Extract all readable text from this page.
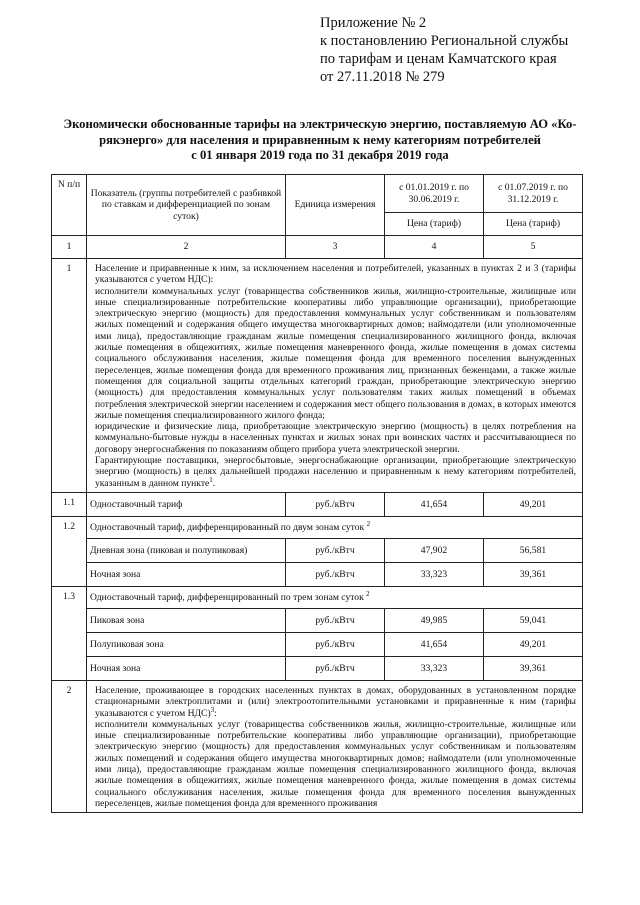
Приложение № 2
к постановлению Региональной службы
по тарифам и ценам Камчатского края
от 27.11.2018 № 279
Экономически обоснованные тарифы на электрическую энергию, поставляемую АО «Ко-
рякэнерго» для населения и приравненным к нему категориям потребителей
с 01 января 2019 года по 31 декабря 2019 года
N п/п	Показатель (группы потребителей с разбивкой по ставкам и дифференциацией по зонам суток)	Единица измерения	с 01.01.2019 г. по 30.06.2019 г.	с 01.07.2019 г. по 31.12.2019 г.
			Цена (тариф)	Цена (тариф)
1	2	3	4	5
1	Население и приравненные к ним, за исключением населения и потребителей, указанных в пунктах 2 и 3 (тарифы указываются с учетом НДС):

исполнители коммунальных услуг (товарищества собственников жилья, жилищно-строительные, жилищные или иные специализированные потребительские кооперативы либо управляющие организации), приобретающие электрическую энергию (мощность) для предоставления коммунальных услуг собственникам и пользователям жилых помещений и содержания общего имущества многоквартирных домов; наймодатели (или уполномоченные ими лица), предоставляющие гражданам жилые помещения специализированного жилищного фонда, включая жилые помещения в общежитиях, жилые помещения маневренного фонда, жилые помещения в домах системы социального обслуживания населения, жилые помещения фонда для временного поселения вынужденных переселенцев, жилые помещения фонда для временного проживания лиц, признанных беженцами, а также жилые помещения для социальной защиты отдельных категорий граждан, приобретающие электрическую энергию (мощность) для предоставления коммунальных услуг пользователям таких жилых помещений в объемах потребления электрической энергии населением и содержания мест общего пользования в домах, в которых имеются жилые помещения специализированного жилого фонда;

юридические и физические лица, приобретающие электрическую энергию (мощность) в целях потребления на коммунально-бытовые нужды в населенных пунктах и жилых зонах при воинских частях и рассчитывающиеся по договору энергоснабжения по показаниям общего прибора учета электрической энергии.

Гарантирующие поставщики, энергосбытовые, энергоснабжающие организации, приобретающие электрическую энергию (мощность) в целях дальнейшей продажи населению и приравненным к нему категориям потребителей, указанным в данном пункте$^1$.			

1.1	Одноставочный тариф	руб./кВтч	41,654	49,201
1.2	Одноставочный тариф, дифференцированный по двум зонам суток $^2$
	Дневная зона (пиковая и полупиковая)	руб./кВтч	47,902	56,581
	Ночная зона	руб./кВтч	33,323	39,361
1.3	Одноставочный тариф, дифференцированный по трем зонам суток $^2$
	Пиковая зона	руб./кВтч	49,985	59,041
	Полупиковая зона	руб./кВтч	41,654	49,201
	Ночная зона	руб./кВтч	33,323	39,361
2	Население, проживающее в городских населенных пунктах в домах, оборудованных в установленном порядке стационарными электроплитами и (или) электроотопительными установками и приравненные к ним (тарифы указываются с учетом НДС)$^3$:

исполнители коммунальных услуг (товарищества собственников жилья, жилищно-строительные, жилищные или иные специализированные потребительские кооперативы либо управляющие организации), приобретающие электрическую энергию (мощность) для предоставления коммунальных услуг собственникам и пользователям жилых помещений и содержания общего имущества многоквартирных домов; наймодатели (или уполномоченные ими лица), предоставляющие гражданам жилые помещения специализированного жилищного фонда, включая жилые помещения в общежитиях, жилые помещения маневренного фонда, жилые помещения в домах системы социального обслуживания населения, жилые помещения фонда для временного поселения вынужденных переселенцев, жилые помещения фонда для временного проживания			
